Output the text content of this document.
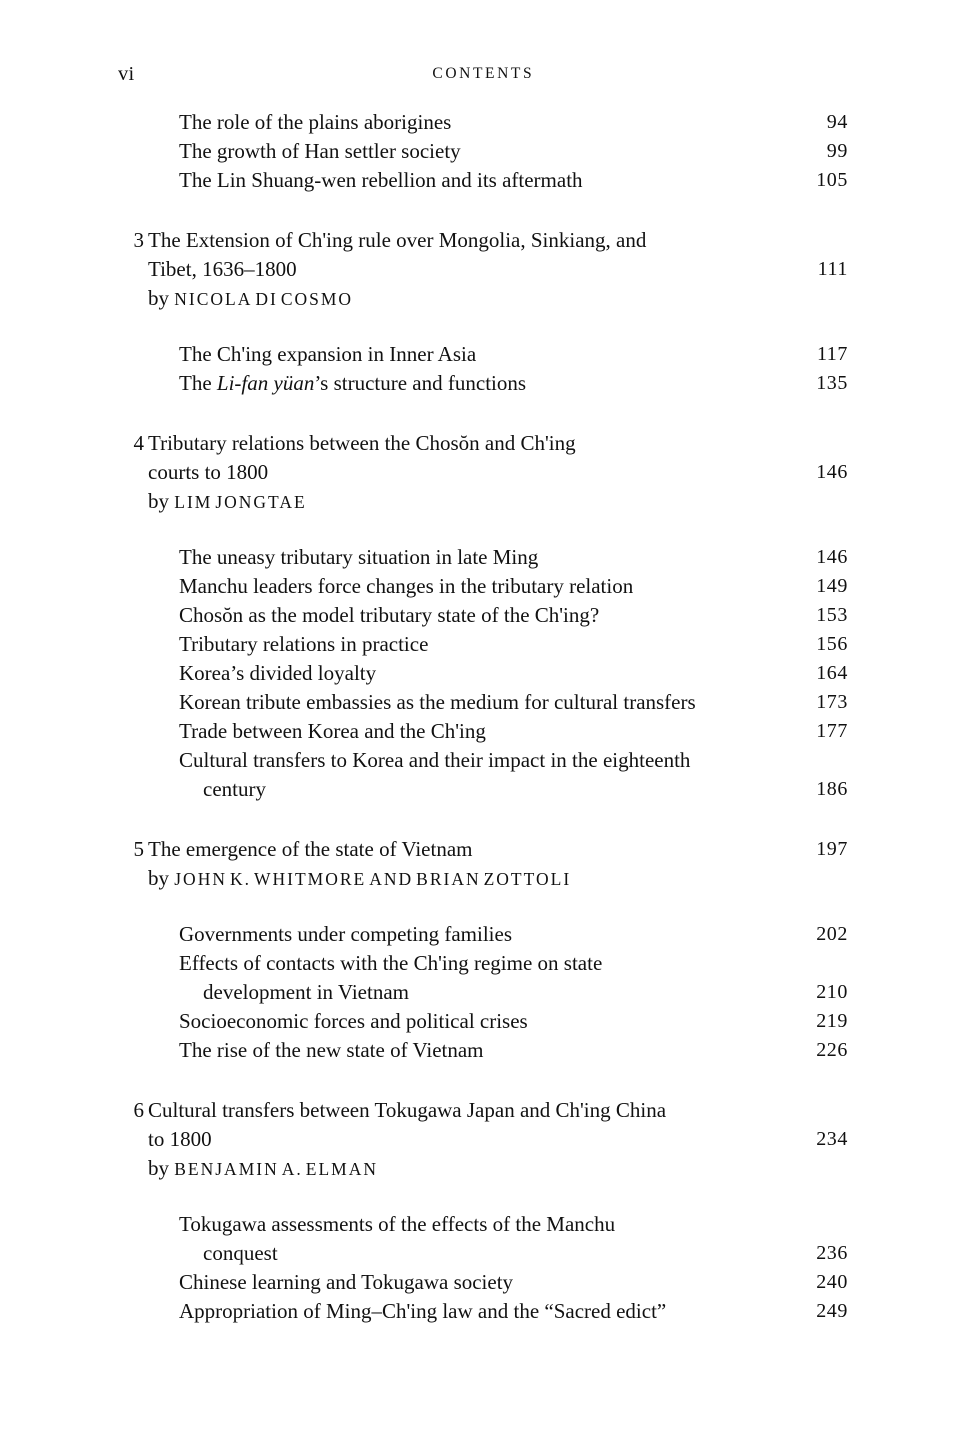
vi	CONTENTS
The role of the plains aborigines	94
The growth of Han settler society	99
The Lin Shuang-wen rebellion and its aftermath	105
3 The Extension of Ch'ing rule over Mongolia, Sinkiang, and
Tibet, 1636–1800	111
by NICOLA DI COSMO
The Ch'ing expansion in Inner Asia	117
The Li-fan yüan’s structure and functions	135
4 Tributary relations between the Chosŏn and Ch'ing
courts to 1800	146
by LIM JONGTAE
The uneasy tributary situation in late Ming	146
Manchu leaders force changes in the tributary relation	149
Chosŏn as the model tributary state of the Ch'ing?	153
Tributary relations in practice	156
Korea’s divided loyalty	164
Korean tribute embassies as the medium for cultural transfers	173
Trade between Korea and the Ch'ing	177
Cultural transfers to Korea and their impact in the eighteenth
century	186
5 The emergence of the state of Vietnam	197
by JOHN K. WHITMORE AND BRIAN ZOTTOLI
Governments under competing families	202
Effects of contacts with the Ch'ing regime on state
development in Vietnam	210
Socioeconomic forces and political crises	219
The rise of the new state of Vietnam	226
6 Cultural transfers between Tokugawa Japan and Ch'ing China
to 1800	234
by BENJAMIN A. ELMAN
Tokugawa assessments of the effects of the Manchu
conquest	236
Chinese learning and Tokugawa society	240
Appropriation of Ming–Ch'ing law and the “Sacred edict”	249
